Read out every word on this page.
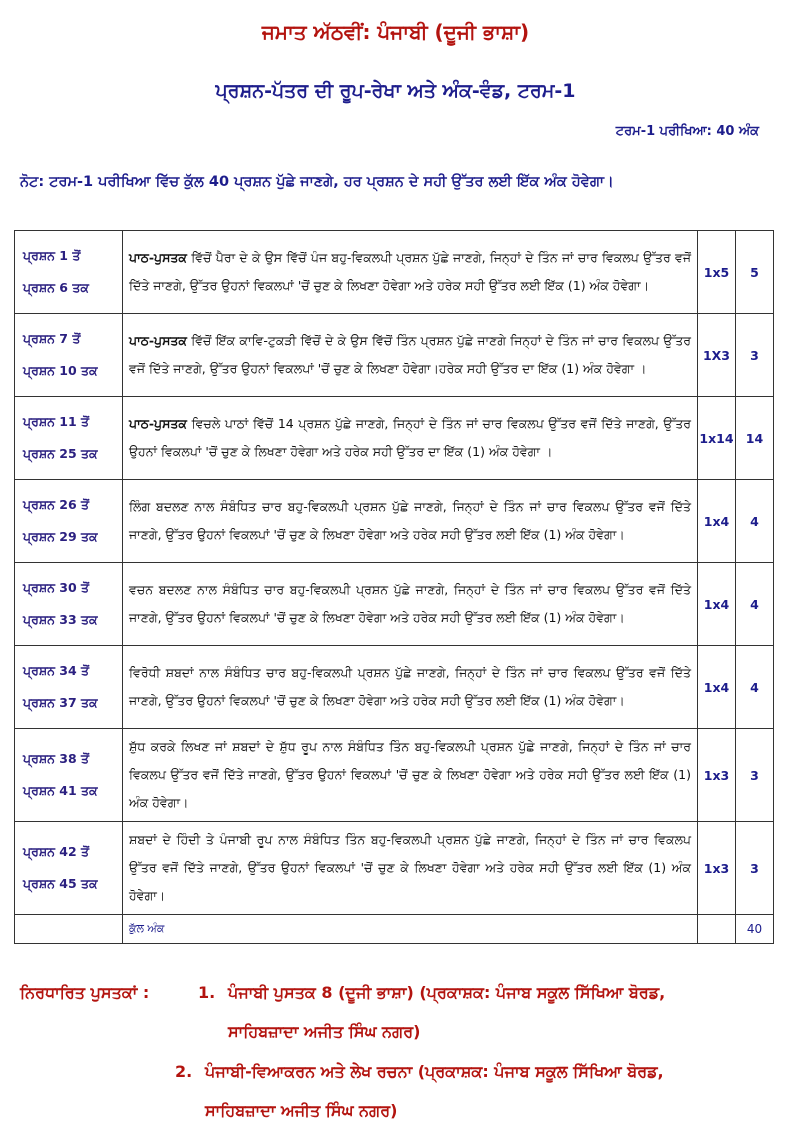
ਜਮਾਤ ਅੱਠਵੀਂ: ਪੰਜਾਬੀ (ਦੂਜੀ ਭਾਸ਼ਾ)
ਪ੍ਰਸ਼ਨ-ਪੱਤਰ ਦੀ ਰੂਪ-ਰੇਖਾ ਅਤੇ ਅੰਕ-ਵੰਡ, ਟਰਮ-1
ਟਰਮ-1 ਪਰੀਖਿਆ: 40 ਅੰਕ
ਨੋਟ: ਟਰਮ-1 ਪਰੀਖਿਆ ਵਿੱਚ ਕੁੱਲ 40 ਪ੍ਰਸ਼ਨ ਪੁੱਛੇ ਜਾਣਗੇ, ਹਰ ਪ੍ਰਸ਼ਨ ਦੇ ਸਹੀ ਉੱਤਰ ਲਈ ਇੱਕ ਅੰਕ ਹੋਵੇਗਾ।
ਪ੍ਰਸ਼ਨ 1 ਤੋਂ
ਪ੍ਰਸ਼ਨ 6 ਤਕ	ਪਾਠ-ਪੁਸਤਕ ਵਿੱਚੋਂ ਪੈਰਾ ਦੇ ਕੇ ਉਸ ਵਿੱਚੋਂ ਪੰਜ ਬਹੁ-ਵਿਕਲਪੀ ਪ੍ਰਸ਼ਨ ਪੁੱਛੇ ਜਾਣਗੇ, ਜਿਨ੍ਹਾਂ ਦੇ ਤਿੰਨ ਜਾਂ ਚਾਰ ਵਿਕਲਪ ਉੱਤਰ ਵਜੋਂ ਦਿੱਤੇ ਜਾਣਗੇ, ਉੱਤਰ ਉਹਨਾਂ ਵਿਕਲਪਾਂ 'ਚੋਂ ਚੁਣ ਕੇ ਲਿਖਣਾ ਹੋਵੇਗਾ ਅਤੇ ਹਰੇਕ ਸਹੀ ਉੱਤਰ ਲਈ ਇੱਕ (1) ਅੰਕ ਹੋਵੇਗਾ।	1x5	5
ਪ੍ਰਸ਼ਨ 7 ਤੋਂ
ਪ੍ਰਸ਼ਨ 10 ਤਕ	ਪਾਠ-ਪੁਸਤਕ ਵਿੱਚੋਂ ਇੱਕ ਕਾਵਿ-ਟੁਕੜੀ ਵਿੱਚੋਂ ਦੇ ਕੇ ਉਸ ਵਿੱਚੋਂ ਤਿੰਨ ਪ੍ਰਸ਼ਨ ਪੁੱਛੇ ਜਾਣਗੇ ਜਿਨ੍ਹਾਂ ਦੇ ਤਿੰਨ ਜਾਂ ਚਾਰ ਵਿਕਲਪ ਉੱਤਰ ਵਜੋਂ ਦਿੱਤੇ ਜਾਣਗੇ, ਉੱਤਰ ਉਹਨਾਂ ਵਿਕਲਪਾਂ 'ਚੋਂ ਚੁਣ ਕੇ ਲਿਖਣਾ ਹੋਵੇਗਾ।ਹਰੇਕ ਸਹੀ ਉੱਤਰ ਦਾ ਇੱਕ (1) ਅੰਕ ਹੋਵੇਗਾ ।	1X3	3
ਪ੍ਰਸ਼ਨ 11 ਤੋਂ
ਪ੍ਰਸ਼ਨ 25 ਤਕ	ਪਾਠ-ਪੁਸਤਕ ਵਿਚਲੇ ਪਾਠਾਂ ਵਿੱਚੋਂ 14 ਪ੍ਰਸ਼ਨ ਪੁੱਛੇ ਜਾਣਗੇ, ਜਿਨ੍ਹਾਂ ਦੇ ਤਿੰਨ ਜਾਂ ਚਾਰ ਵਿਕਲਪ ਉੱਤਰ ਵਜੋਂ ਦਿੱਤੇ ਜਾਣਗੇ, ਉੱਤਰ ਉਹਨਾਂ ਵਿਕਲਪਾਂ 'ਚੋਂ ਚੁਣ ਕੇ ਲਿਖਣਾ ਹੋਵੇਗਾ ਅਤੇ ਹਰੇਕ ਸਹੀ ਉੱਤਰ ਦਾ ਇੱਕ (1) ਅੰਕ ਹੋਵੇਗਾ ।	1x14	14
ਪ੍ਰਸ਼ਨ 26 ਤੋਂ
ਪ੍ਰਸ਼ਨ 29 ਤਕ	ਲਿੰਗ ਬਦਲਣ ਨਾਲ ਸੰਬੰਧਿਤ ਚਾਰ ਬਹੁ-ਵਿਕਲਪੀ ਪ੍ਰਸ਼ਨ ਪੁੱਛੇ ਜਾਣਗੇ, ਜਿਨ੍ਹਾਂ ਦੇ ਤਿੰਨ ਜਾਂ ਚਾਰ ਵਿਕਲਪ ਉੱਤਰ ਵਜੋਂ ਦਿੱਤੇ ਜਾਣਗੇ, ਉੱਤਰ ਉਹਨਾਂ ਵਿਕਲਪਾਂ 'ਚੋਂ ਚੁਣ ਕੇ ਲਿਖਣਾ ਹੋਵੇਗਾ ਅਤੇ ਹਰੇਕ ਸਹੀ ਉੱਤਰ ਲਈ ਇੱਕ (1) ਅੰਕ ਹੋਵੇਗਾ।	1x4	4
ਪ੍ਰਸ਼ਨ 30 ਤੋਂ
ਪ੍ਰਸ਼ਨ 33 ਤਕ	ਵਚਨ ਬਦਲਣ ਨਾਲ ਸੰਬੰਧਿਤ ਚਾਰ ਬਹੁ-ਵਿਕਲਪੀ ਪ੍ਰਸ਼ਨ ਪੁੱਛੇ ਜਾਣਗੇ, ਜਿਨ੍ਹਾਂ ਦੇ ਤਿੰਨ ਜਾਂ ਚਾਰ ਵਿਕਲਪ ਉੱਤਰ ਵਜੋਂ ਦਿੱਤੇ ਜਾਣਗੇ, ਉੱਤਰ ਉਹਨਾਂ ਵਿਕਲਪਾਂ 'ਚੋਂ ਚੁਣ ਕੇ ਲਿਖਣਾ ਹੋਵੇਗਾ ਅਤੇ ਹਰੇਕ ਸਹੀ ਉੱਤਰ ਲਈ ਇੱਕ (1) ਅੰਕ ਹੋਵੇਗਾ।	1x4	4
ਪ੍ਰਸ਼ਨ 34 ਤੋਂ
ਪ੍ਰਸ਼ਨ 37 ਤਕ	ਵਿਰੋਧੀ ਸ਼ਬਦਾਂ ਨਾਲ ਸੰਬੰਧਿਤ ਚਾਰ ਬਹੁ-ਵਿਕਲਪੀ ਪ੍ਰਸ਼ਨ ਪੁੱਛੇ ਜਾਣਗੇ, ਜਿਨ੍ਹਾਂ ਦੇ ਤਿੰਨ ਜਾਂ ਚਾਰ ਵਿਕਲਪ ਉੱਤਰ ਵਜੋਂ ਦਿੱਤੇ ਜਾਣਗੇ, ਉੱਤਰ ਉਹਨਾਂ ਵਿਕਲਪਾਂ 'ਚੋਂ ਚੁਣ ਕੇ ਲਿਖਣਾ ਹੋਵੇਗਾ ਅਤੇ ਹਰੇਕ ਸਹੀ ਉੱਤਰ ਲਈ ਇੱਕ (1) ਅੰਕ ਹੋਵੇਗਾ।	1x4	4
ਪ੍ਰਸ਼ਨ 38 ਤੋਂ
ਪ੍ਰਸ਼ਨ 41 ਤਕ	ਸ਼ੁੱਧ ਕਰਕੇ ਲਿਖਣ ਜਾਂ ਸ਼ਬਦਾਂ ਦੇ ਸ਼ੁੱਧ ਰੂਪ ਨਾਲ ਸੰਬੰਧਿਤ ਤਿੰਨ ਬਹੁ-ਵਿਕਲਪੀ ਪ੍ਰਸ਼ਨ ਪੁੱਛੇ ਜਾਣਗੇ, ਜਿਨ੍ਹਾਂ ਦੇ ਤਿੰਨ ਜਾਂ ਚਾਰ ਵਿਕਲਪ ਉੱਤਰ ਵਜੋਂ ਦਿੱਤੇ ਜਾਣਗੇ, ਉੱਤਰ ਉਹਨਾਂ ਵਿਕਲਪਾਂ 'ਚੋਂ ਚੁਣ ਕੇ ਲਿਖਣਾ ਹੋਵੇਗਾ ਅਤੇ ਹਰੇਕ ਸਹੀ ਉੱਤਰ ਲਈ ਇੱਕ (1) ਅੰਕ ਹੋਵੇਗਾ।	1x3	3
ਪ੍ਰਸ਼ਨ 42 ਤੋਂ
ਪ੍ਰਸ਼ਨ 45 ਤਕ	ਸ਼ਬਦਾਂ ਦੇ ਹਿੰਦੀ ਤੇ ਪੰਜਾਬੀ ਰੂਪ ਨਾਲ ਸੰਬੰਧਿਤ ਤਿੰਨ ਬਹੁ-ਵਿਕਲਪੀ ਪ੍ਰਸ਼ਨ ਪੁੱਛੇ ਜਾਣਗੇ, ਜਿਨ੍ਹਾਂ ਦੇ ਤਿੰਨ ਜਾਂ ਚਾਰ ਵਿਕਲਪ ਉੱਤਰ ਵਜੋਂ ਦਿੱਤੇ ਜਾਣਗੇ, ਉੱਤਰ ਉਹਨਾਂ ਵਿਕਲਪਾਂ 'ਚੋਂ ਚੁਣ ਕੇ ਲਿਖਣਾ ਹੋਵੇਗਾ ਅਤੇ ਹਰੇਕ ਸਹੀ ਉੱਤਰ ਲਈ ਇੱਕ (1) ਅੰਕ ਹੋਵੇਗਾ।	1x3	3
	ਕੁੱਲ ਅੰਕ		40
ਨਿਰਧਾਰਿਤ ਪੁਸਤਕਾਂ :	1. ਪੰਜਾਬੀ ਪੁਸਤਕ 8 (ਦੂਜੀ ਭਾਸ਼ਾ) (ਪ੍ਰਕਾਸ਼ਕ: ਪੰਜਾਬ ਸਕੂਲ ਸਿੱਖਿਆ ਬੋਰਡ,
ਸਾਹਿਬਜ਼ਾਦਾ ਅਜੀਤ ਸਿੰਘ ਨਗਰ)
2. ਪੰਜਾਬੀ-ਵਿਆਕਰਨ ਅਤੇ ਲੇਖ ਰਚਨਾ (ਪ੍ਰਕਾਸ਼ਕ: ਪੰਜਾਬ ਸਕੂਲ ਸਿੱਖਿਆ ਬੋਰਡ,
ਸਾਹਿਬਜ਼ਾਦਾ ਅਜੀਤ ਸਿੰਘ ਨਗਰ)
